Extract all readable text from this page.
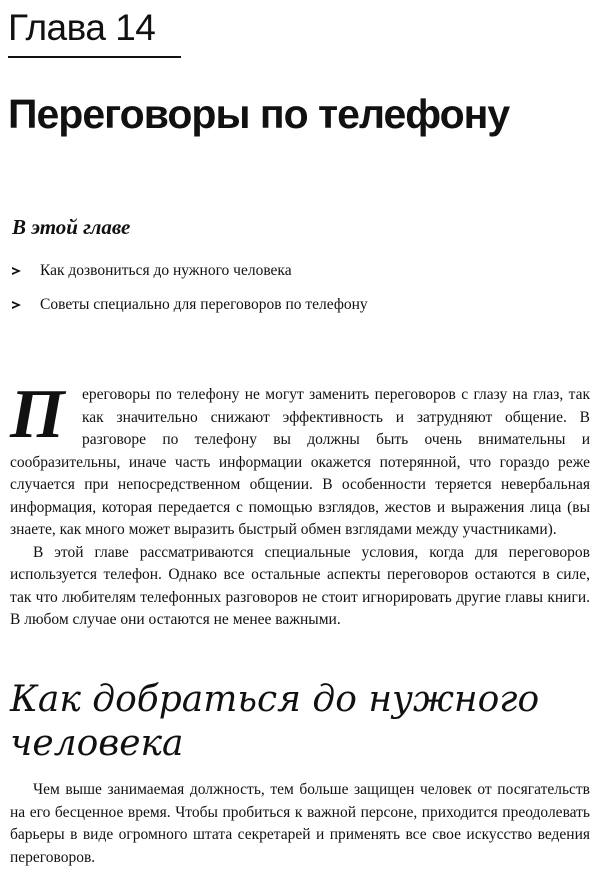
Глава 14
Переговоры по телефону
В этой главе
Как дозвониться до нужного человека
Советы специально для переговоров по телефону

П	ереговоры по телефону не могут заменить переговоров с глазу на глаз, так как значительно снижают эффективность и затрудняют общение. В разговоре по телефону вы должны быть очень внимательны и сообразительны, иначе часть информации окажется потерянной, что гораздо реже случается при непосредственном общении. В особенности теряется невербальная информация, которая передается с помощью взглядов, жестов и выражения лица (вы знаете, как много может выразить быстрый обмен взглядами между участниками).

В этой главе рассматриваются специальные условия, когда для переговоров используется телефон. Однако все остальные аспекты переговоров остаются в силе, так что любителям телефонных разговоров не стоит игнорировать другие главы книги. В любом случае они остаются не менее важными.

Как добраться до нужного человека

Чем выше занимаемая должность, тем больше защищен человек от посягательств на его бесценное время. Чтобы пробиться к важной персоне, приходится преодолевать барьеры в виде огромного штата секретарей и применять все свое искусство ведения переговоров.
